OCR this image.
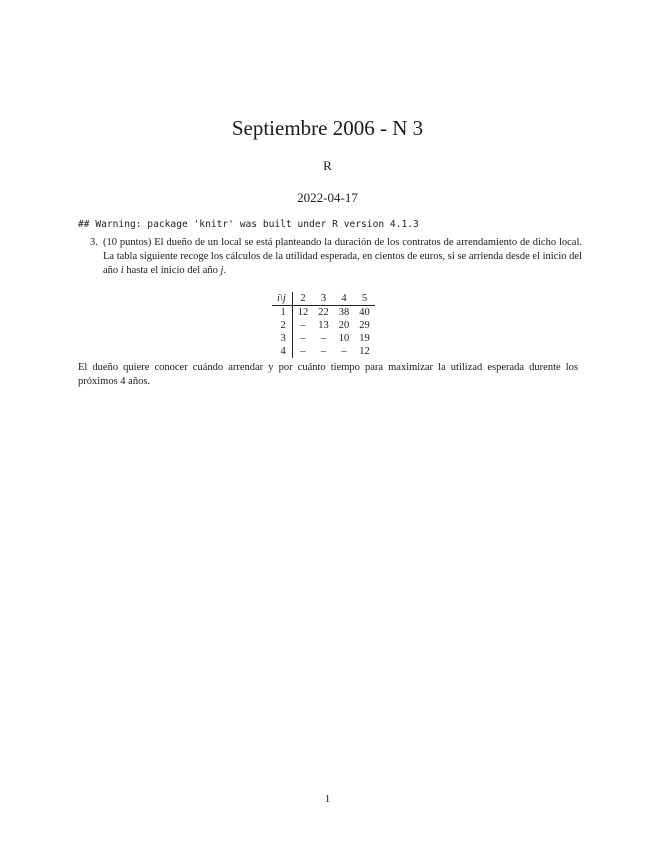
Septiembre 2006 - N 3
R
2022-04-17
## Warning: package 'knitr' was built under R version 4.1.3
3. (10 puntos) El dueño de un local se está planteando la duración de los contratos de arrendamiento de dicho local. La tabla siguiente recoge los cálculos de la utilidad esperada, en cientos de euros, si se arrienda desde el inicio del año i hasta el inicio del año j.
i\j	2	3	4	5
1	12	22	38	40
2	–	13	20	29
3	–	–	10	19
4	–	–	–	12
El dueño quiere conocer cuándo arrendar y por cuánto tiempo para maximizar la utilizad esperada durente los próximos 4 años.
1
